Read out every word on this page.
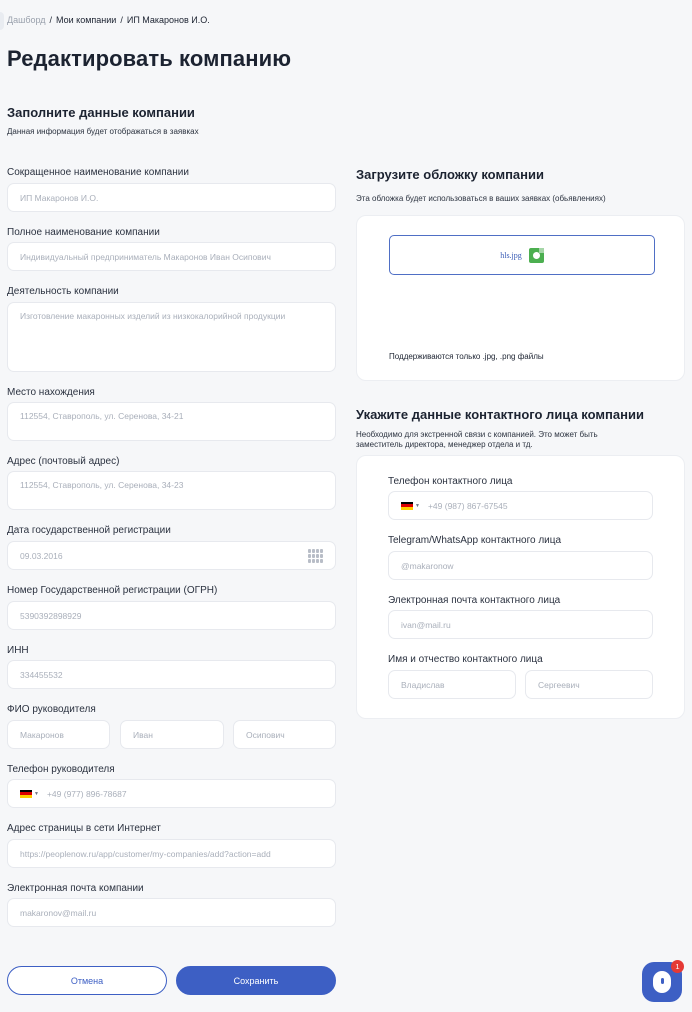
Дашборд / Мои компании / ИП Макаронов И.О.
Редактировать компанию
Заполните данные компании
Данная информация будет отображаться в заявках
Сокращенное наименование компании
ИП Макаронов И.О.
Полное наименование компании
Индивидуальный предприниматель Макаронов Иван Осипович
Деятельность компании
Изготовление макаронных изделий из низкокалорийной продукции
Место нахождения
112554, Ставрополь, ул. Серенова, 34-21
Адрес (почтовый адрес)
112554, Ставрополь, ул. Серенова, 34-23
Дата государственной регистрации
09.03.2016
Номер Государственной регистрации (ОГРН)
5390392898929
ИНН
334455532
ФИО руководителя
Макаронов	Иван	Осипович
Телефон руководителя
▼ +49 (977) 896-78687
Адрес страницы в сети Интернет
https://peoplenow.ru/app/customer/my-companies/add?action=add
Электронная почта компании
makaronov@mail.ru
Отмена	Сохранить
Загрузите обложку компании
Эта обложка будет использоваться в ваших заявках (обьявлениях)
hls.jpg
Поддерживаются только .jpg, .png файлы
Укажите данные контактного лица компании
Необходимо для экстренной связи с компанией. Это может быть
заместитель директора, менеджер отдела и тд.
Телефон контактного лица
▼ +49 (987) 867-67545
Telegram/WhatsApp контактного лица
@makaronow
Электронная почта контактного лица
ivan@mail.ru
Имя и отчество контактного лица
Владислав	Сергеевич
1
